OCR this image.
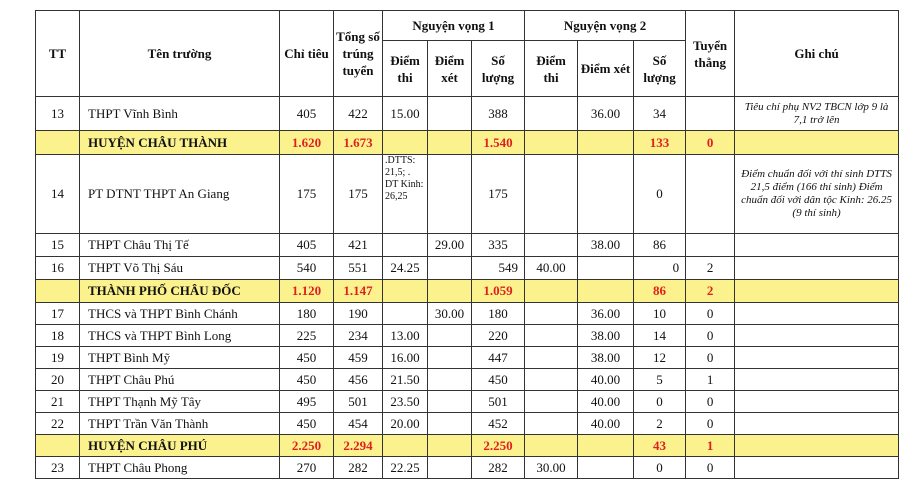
TT	Tên trường	Chỉ tiêu	Tổng số trúng tuyển	Nguyện vọng 1			Nguyện vọng 2			Tuyển thẳng	Ghi chú
				Điểm thi	Điểm xét	Số lượng	Điểm thi	Điểm xét	Số lượng		
13	THPT Vĩnh Bình	405	422	15.00		388		36.00	34		Tiêu chí phụ NV2 TBCN lớp 9 là 7,1 trở lên
	HUYỆN CHÂU THÀNH	1.620	1.673			1.540			133	0	
14	PT DTNT THPT An Giang	175	175	.DTTS: 21,5; . DT Kinh: 26,25		175			0		Điểm chuẩn đối với thí sinh DTTS 21,5 điểm (166 thí sinh) Điểm chuẩn đối với dân tộc Kinh: 26.25 (9 thí sinh)
15	THPT Châu Thị Tế	405	421		29.00	335		38.00	86		
16	THPT Võ Thị Sáu	540	551	24.25		549	40.00		0	2	
	THÀNH PHỐ CHÂU ĐỐC	1.120	1.147			1.059			86	2	
17	THCS và THPT Bình Chánh	180	190		30.00	180		36.00	10	0	
18	THCS và THPT Bình Long	225	234	13.00		220		38.00	14	0	
19	THPT Bình Mỹ	450	459	16.00		447		38.00	12	0	
20	THPT Châu Phú	450	456	21.50		450		40.00	5	1	
21	THPT Thạnh Mỹ Tây	495	501	23.50		501		40.00	0	0	
22	THPT Trần Văn Thành	450	454	20.00		452		40.00	2	0	
	HUYỆN CHÂU PHÚ	2.250	2.294			2.250			43	1	
23	THPT Châu Phong	270	282	22.25		282	30.00		0	0	
